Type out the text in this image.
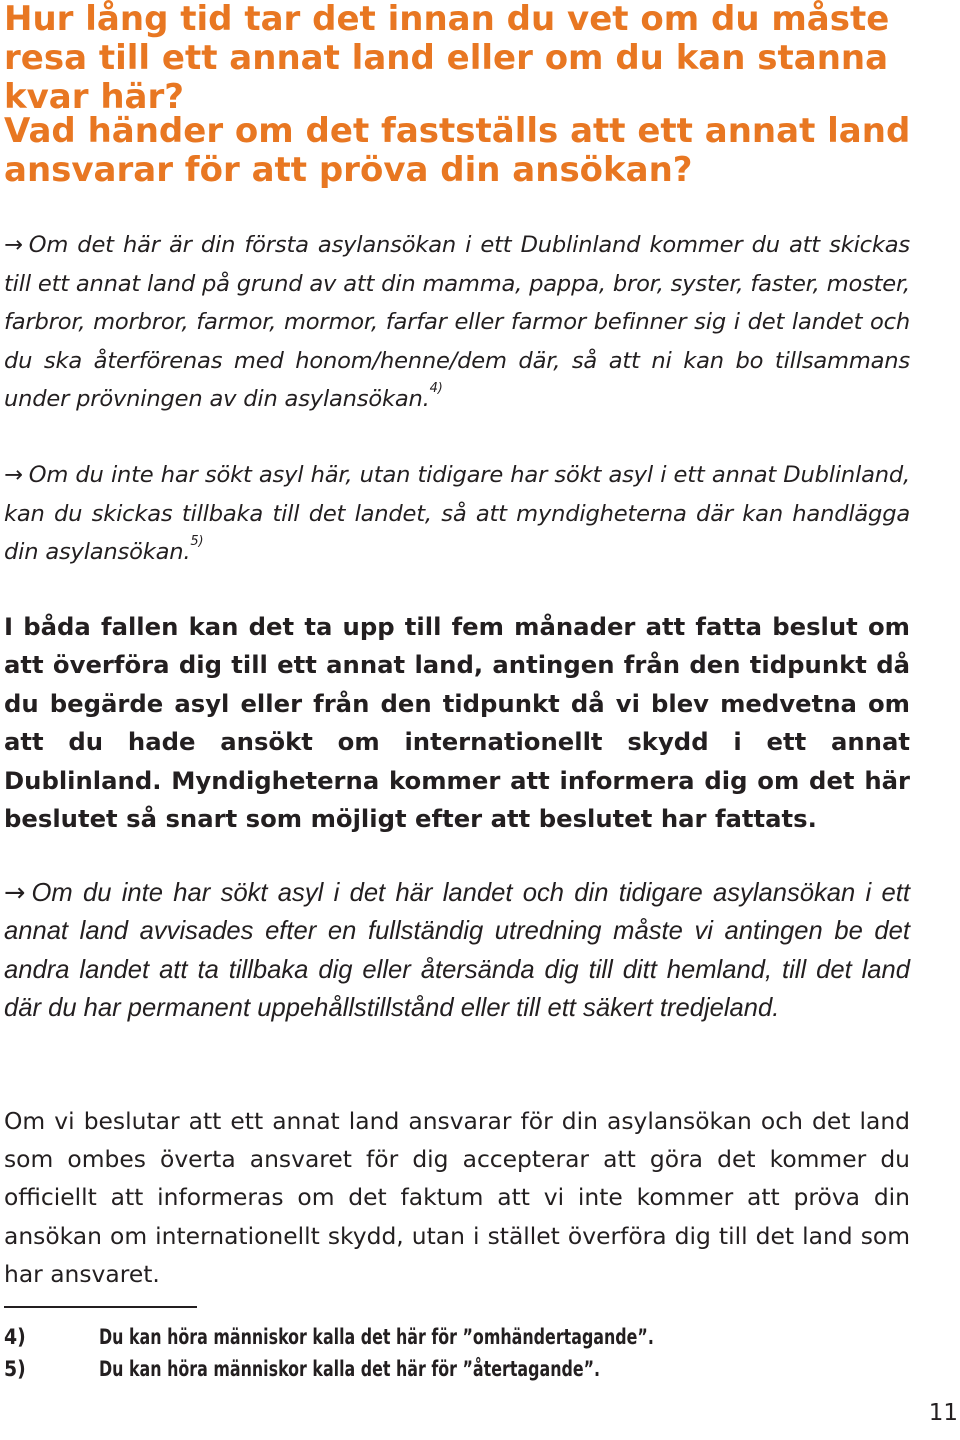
Hur lång tid tar det innan du vet om du måste resa till ett annat land eller om du kan stanna kvar här?
Vad händer om det fastställs att ett annat land ansvarar för att pröva din ansökan?

→ Om det här är din första asylansökan i ett Dublinland kommer du att skickas till ett annat land på grund av att din mamma, pappa, bror, syster, faster, moster, farbror, morbror, farmor, mormor, farfar eller farmor befinner sig i det landet och du ska återförenas med honom/henne/dem där, så att ni kan bo tillsammans under prövningen av din asylansökan.$^{4)}$

→ Om du inte har sökt asyl här, utan tidigare har sökt asyl i ett annat Dublinland, kan du skickas tillbaka till det landet, så att myndigheterna där kan handlägga din asylansökan.$^{5)}$

I båda fallen kan det ta upp till fem månader att fatta beslut om att överföra dig till ett annat land, antingen från den tidpunkt då du begärde asyl eller från den tidpunkt då vi blev medvetna om att du hade ansökt om internationellt skydd i ett annat Dublinland. Myndigheterna kommer att informera dig om det här beslutet så snart som möjligt efter att beslutet har fattats.

→ Om du inte har sökt asyl i det här landet och din tidigare asylansökan i ett annat land avvisades efter en fullständig utredning måste vi antingen be det andra landet att ta tillbaka dig eller återsända dig till ditt hemland, till det land där du har permanent uppehållstillstånd eller till ett säkert tredjeland.

Om vi beslutar att ett annat land ansvarar för din asylansökan och det land som ombes överta ansvaret för dig accepterar att göra det kommer du officiellt att informeras om det faktum att vi inte kommer att pröva din ansökan om internationellt skydd, utan i stället överföra dig till det land som har ansvaret.

4)	Du kan höra människor kalla det här för ”omhändertagande”.
5)	Du kan höra människor kalla det här för ”återtagande”.
11
